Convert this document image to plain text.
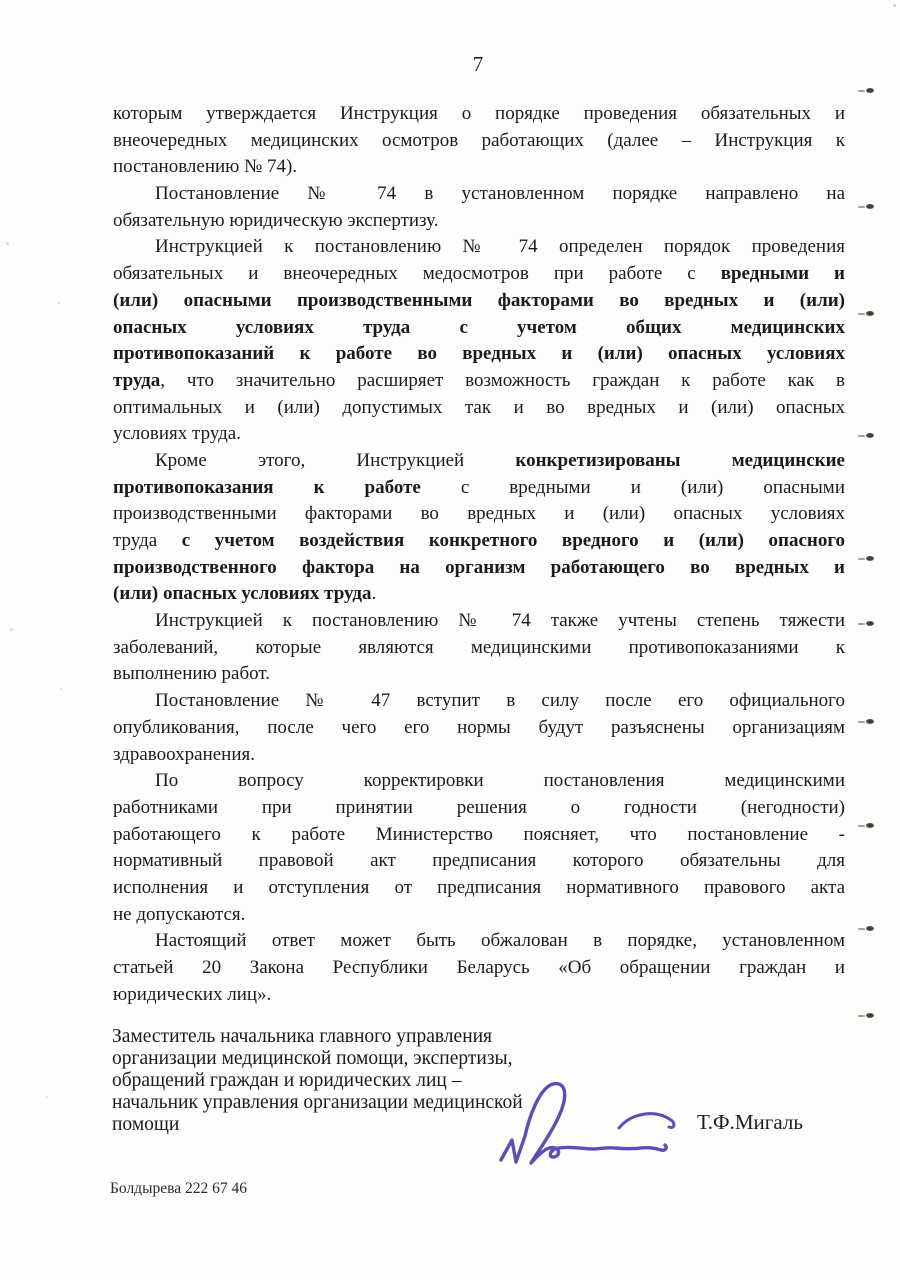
7
которым утверждается Инструкция о порядке проведения обязательных и
внеочередных медицинских осмотров работающих (далее – Инструкция к
постановлению № 74).
Постановление № 74 в установленном порядке направлено на
обязательную юридическую экспертизу.
Инструкцией к постановлению № 74 определен порядок проведения
обязательных и внеочередных медосмотров при работе с вредными и
(или) опасными производственными факторами во вредных и (или)
опасных условиях труда с учетом общих медицинских
противопоказаний к работе во вредных и (или) опасных условиях
труда, что значительно расширяет возможность граждан к работе как в
оптимальных и (или) допустимых так и во вредных и (или) опасных
условиях труда.
Кроме этого, Инструкцией конкретизированы медицинские
противопоказания к работе с вредными и (или) опасными
производственными факторами во вредных и (или) опасных условиях
труда с учетом воздействия конкретного вредного и (или) опасного
производственного фактора на организм работающего во вредных и
(или) опасных условиях труда.
Инструкцией к постановлению № 74 также учтены степень тяжести
заболеваний, которые являются медицинскими противопоказаниями к
выполнению работ.
Постановление № 47 вступит в силу после его официального
опубликования, после чего его нормы будут разъяснены организациям
здравоохранения.
По вопросу корректировки постановления медицинскими
работниками при принятии решения о годности (негодности)
работающего к работе Министерство поясняет, что постановление -
нормативный правовой акт предписания которого обязательны для
исполнения и отступления от предписания нормативного правового акта
не допускаются.
Настоящий ответ может быть обжалован в порядке, установленном
статьей 20 Закона Республики Беларусь «Об обращении граждан и
юридических лиц».
Заместитель начальника главного управления
организации медицинской помощи, экспертизы,
обращений граждан и юридических лиц –
начальник управления организации медицинской
помощи	Т.Ф.Мигаль
Болдырева 222 67 46
